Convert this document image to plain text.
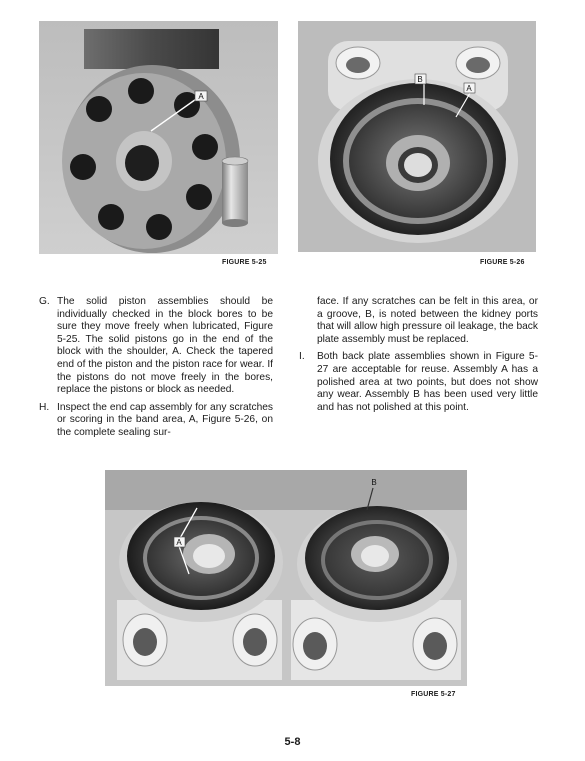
A
FIGURE 5-25
B
A
FIGURE 5-26
G. The solid piston assemblies should be individually checked in the block bores to be sure they move freely when lubricated, Figure 5-25. The solid pistons go in the end of the block with the shoulder, A. Check the tapered end of the piston and the piston race for wear. If the pistons do not move freely in the bores, replace the pistons or block as needed.
H. Inspect the end cap assembly for any scratches or scoring in the band area, A, Figure 5-26, on the complete sealing sur-
face. If any scratches can be felt in this area, or a groove, B, is noted between the kidney ports that will allow high pressure oil leakage, the back plate assembly must be replaced.
I.	Both back plate assemblies shown in Figure 5-27 are acceptable for reuse. Assembly A has a polished area at two points, but does not show any wear. Assembly B has been used very little and has not polished at this point.
A
B
FIGURE 5-27
5-8
